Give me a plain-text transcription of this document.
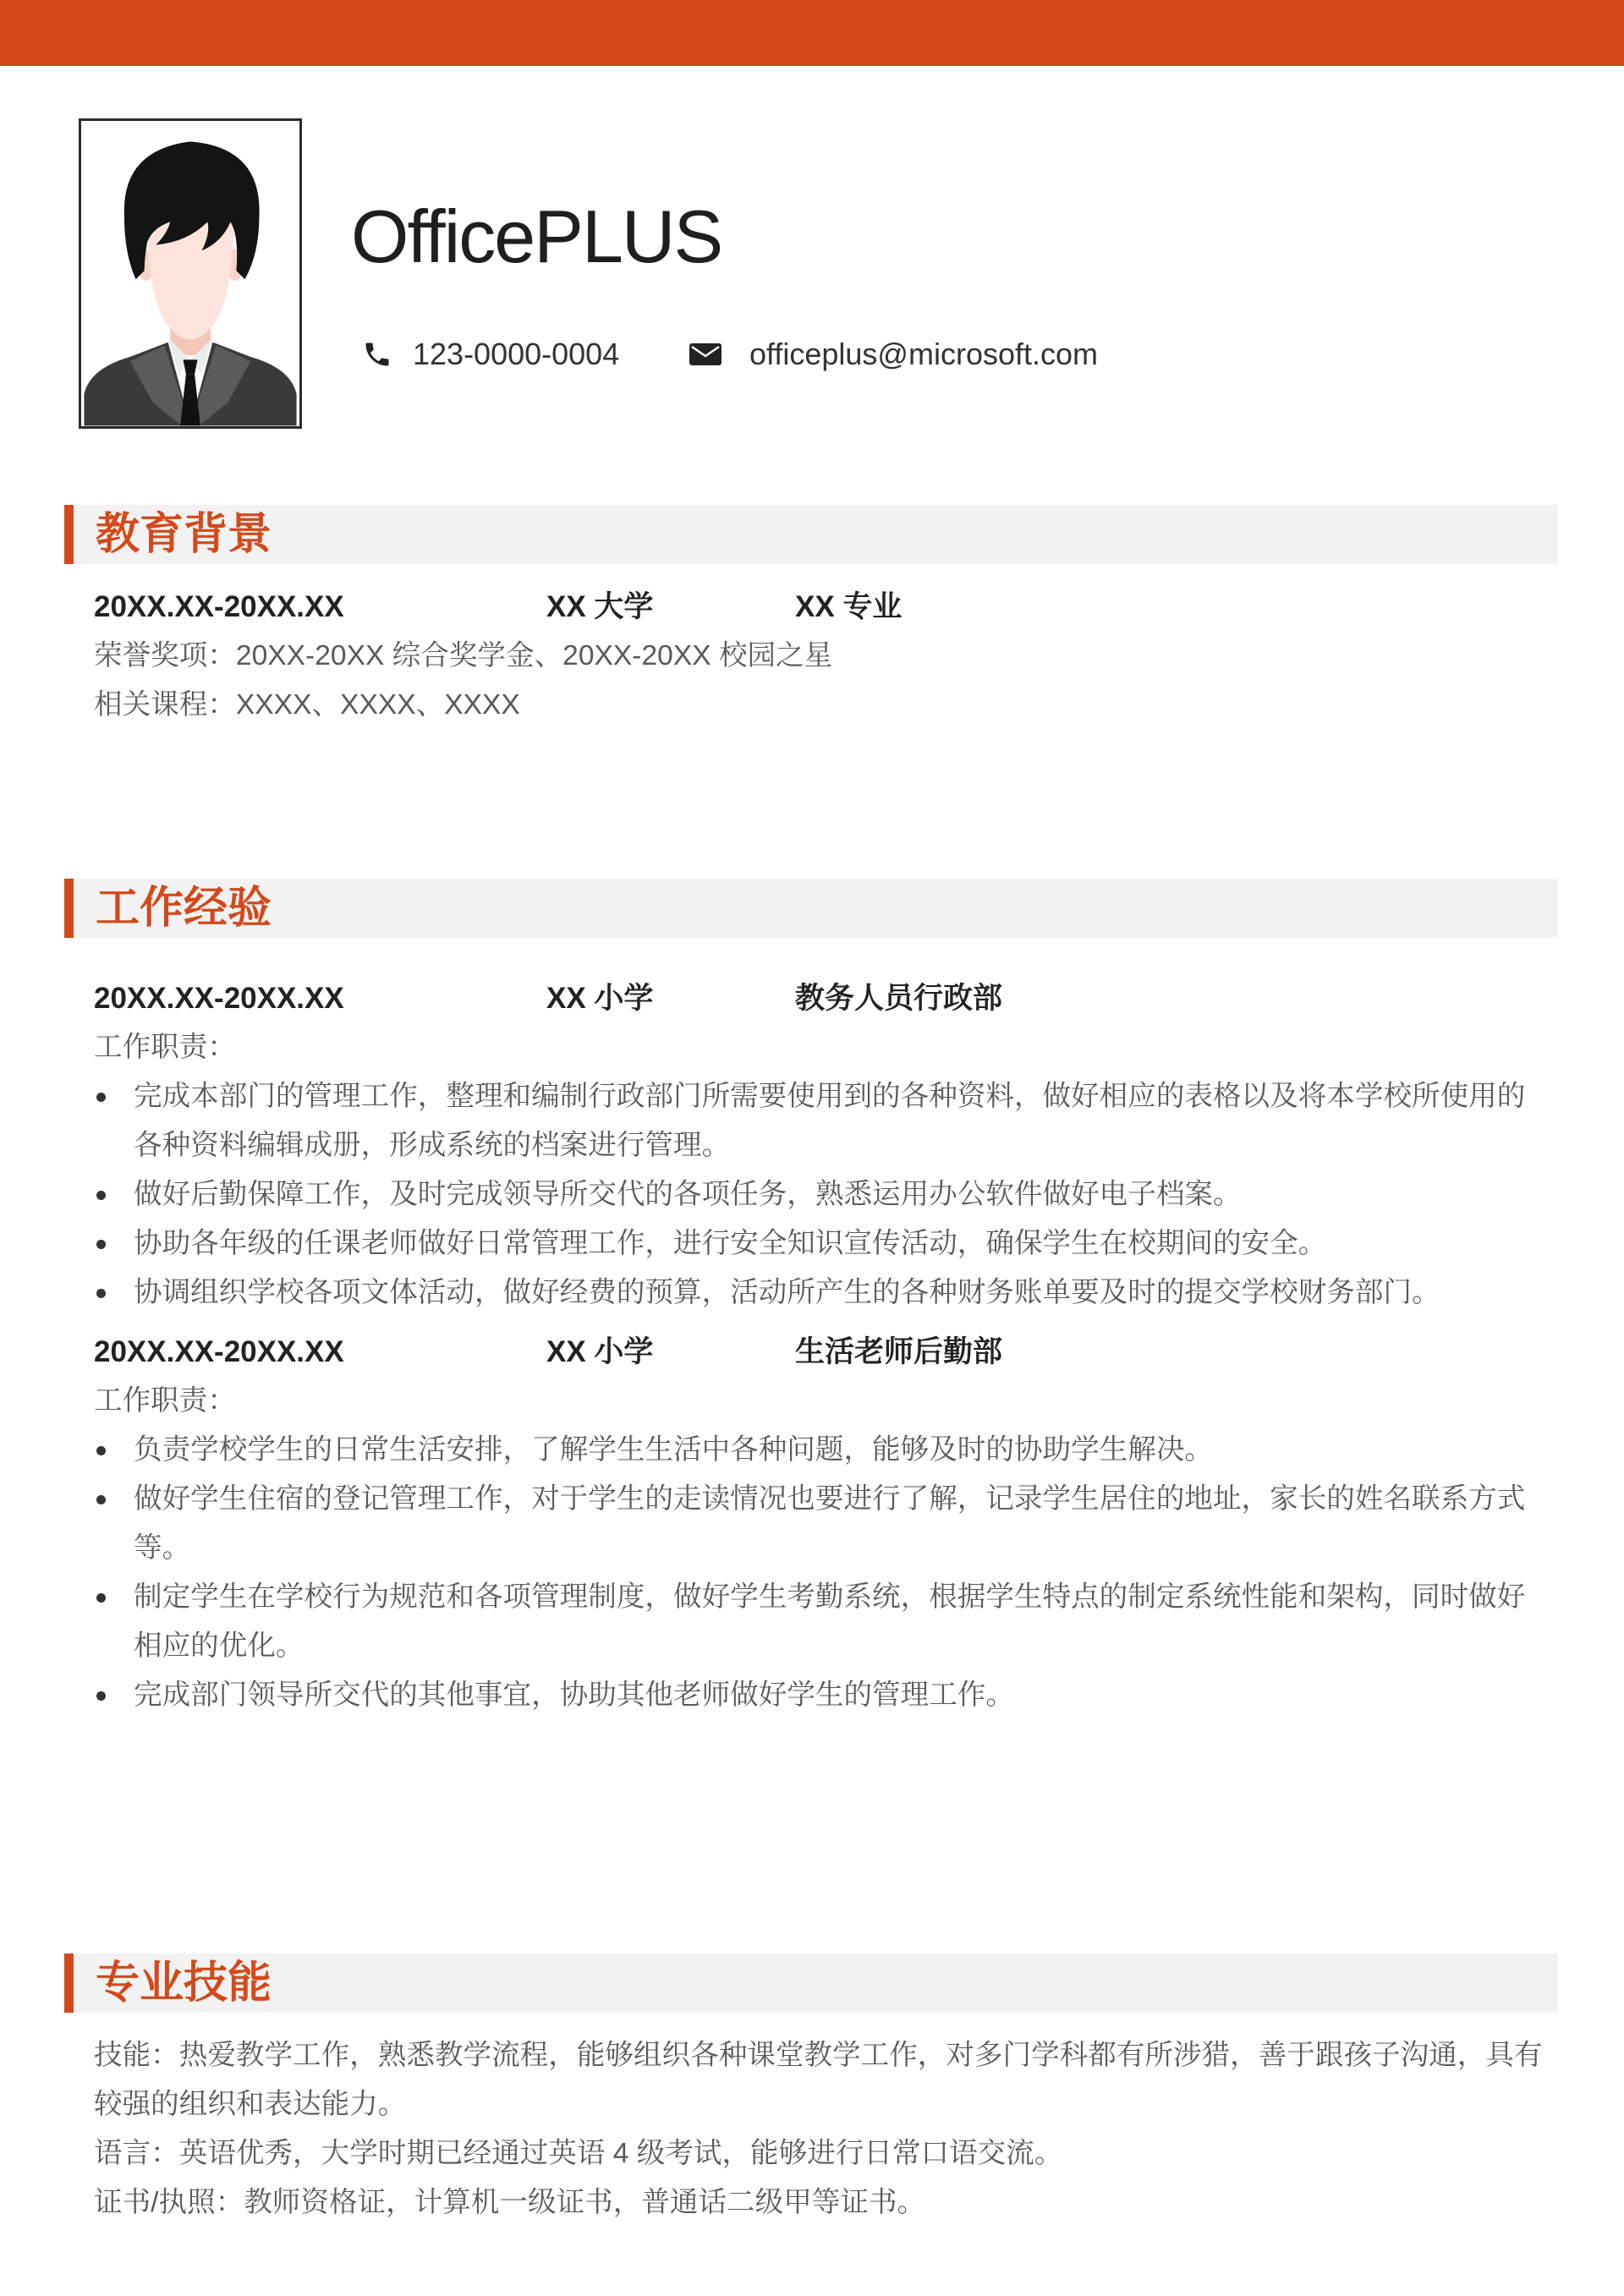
OfficePLUS
123-0000-0004	officeplus@microsoft.com
教育背景
20XX.XX-20XX.XX	XX 大学	XX 专业
荣誉奖项：20XX-20XX 综合奖学金、20XX-20XX 校园之星
相关课程：XXXX、XXXX、XXXX
工作经验
20XX.XX-20XX.XX	XX 小学	教务人员行政部
工作职责：
完成本部门的管理工作，整理和编制行政部门所需要使用到的各种资料，做好相应的表格以及将本学校所使用的各种资料编辑成册，形成系统的档案进行管理。
做好后勤保障工作，及时完成领导所交代的各项任务，熟悉运用办公软件做好电子档案。
协助各年级的任课老师做好日常管理工作，进行安全知识宣传活动，确保学生在校期间的安全。
协调组织学校各项文体活动，做好经费的预算，活动所产生的各种财务账单要及时的提交学校财务部门。
20XX.XX-20XX.XX	XX 小学	生活老师后勤部
工作职责：
负责学校学生的日常生活安排，了解学生生活中各种问题，能够及时的协助学生解决。
做好学生住宿的登记管理工作，对于学生的走读情况也要进行了解，记录学生居住的地址，家长的姓名联系方式等。
制定学生在学校行为规范和各项管理制度，做好学生考勤系统，根据学生特点的制定系统性能和架构，同时做好相应的优化。
完成部门领导所交代的其他事宜，协助其他老师做好学生的管理工作。
专业技能
技能：热爱教学工作，熟悉教学流程，能够组织各种课堂教学工作，对多门学科都有所涉猎，善于跟孩子沟通，具有较强的组织和表达能力。
语言：英语优秀，大学时期已经通过英语 4 级考试，能够进行日常口语交流。
证书/执照：教师资格证，计算机一级证书，普通话二级甲等证书。
